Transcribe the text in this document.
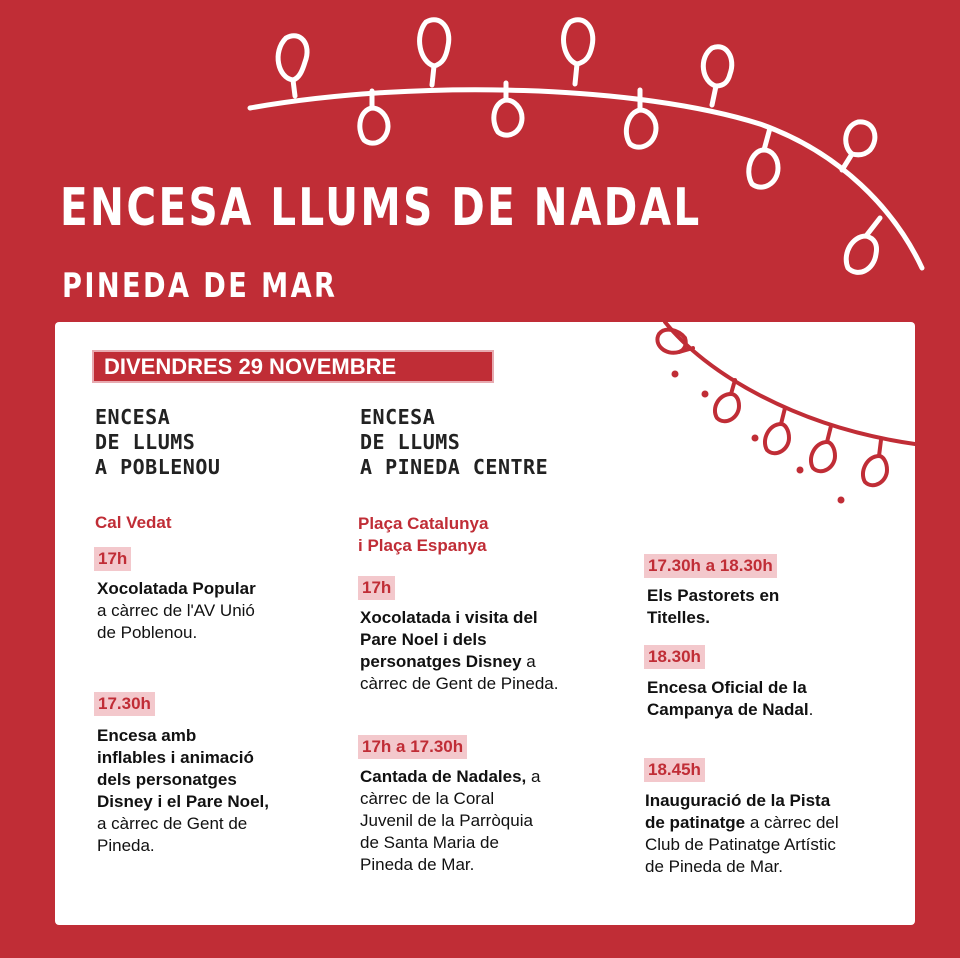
ENCESA LLUMS DE NADAL
PINEDA DE MAR
DIVENDRES 29 NOVEMBRE
ENCESA
DE LLUMS
A POBLENOU
Cal Vedat
17h
Xocolatada Popular a càrrec de l'AV Unió de Poblenou.
17.30h
Encesa amb inflables i animació dels personatges Disney i el Pare Noel, a càrrec de Gent de Pineda.
ENCESA
DE LLUMS
A PINEDA CENTRE
Plaça Catalunya
i Plaça Espanya
17h
Xocolatada i visita del Pare Noel i dels personatges Disney a càrrec de Gent de Pineda.
17h a 17.30h
Cantada de Nadales, a càrrec de la Coral Juvenil de la Parròquia de Santa Maria de Pineda de Mar.
17.30h a 18.30h
Els Pastorets en Titelles.
18.30h
Encesa Oficial de la Campanya de Nadal.
18.45h
Inauguració de la Pista de patinatge a càrrec del Club de Patinatge Artístic de Pineda de Mar.
